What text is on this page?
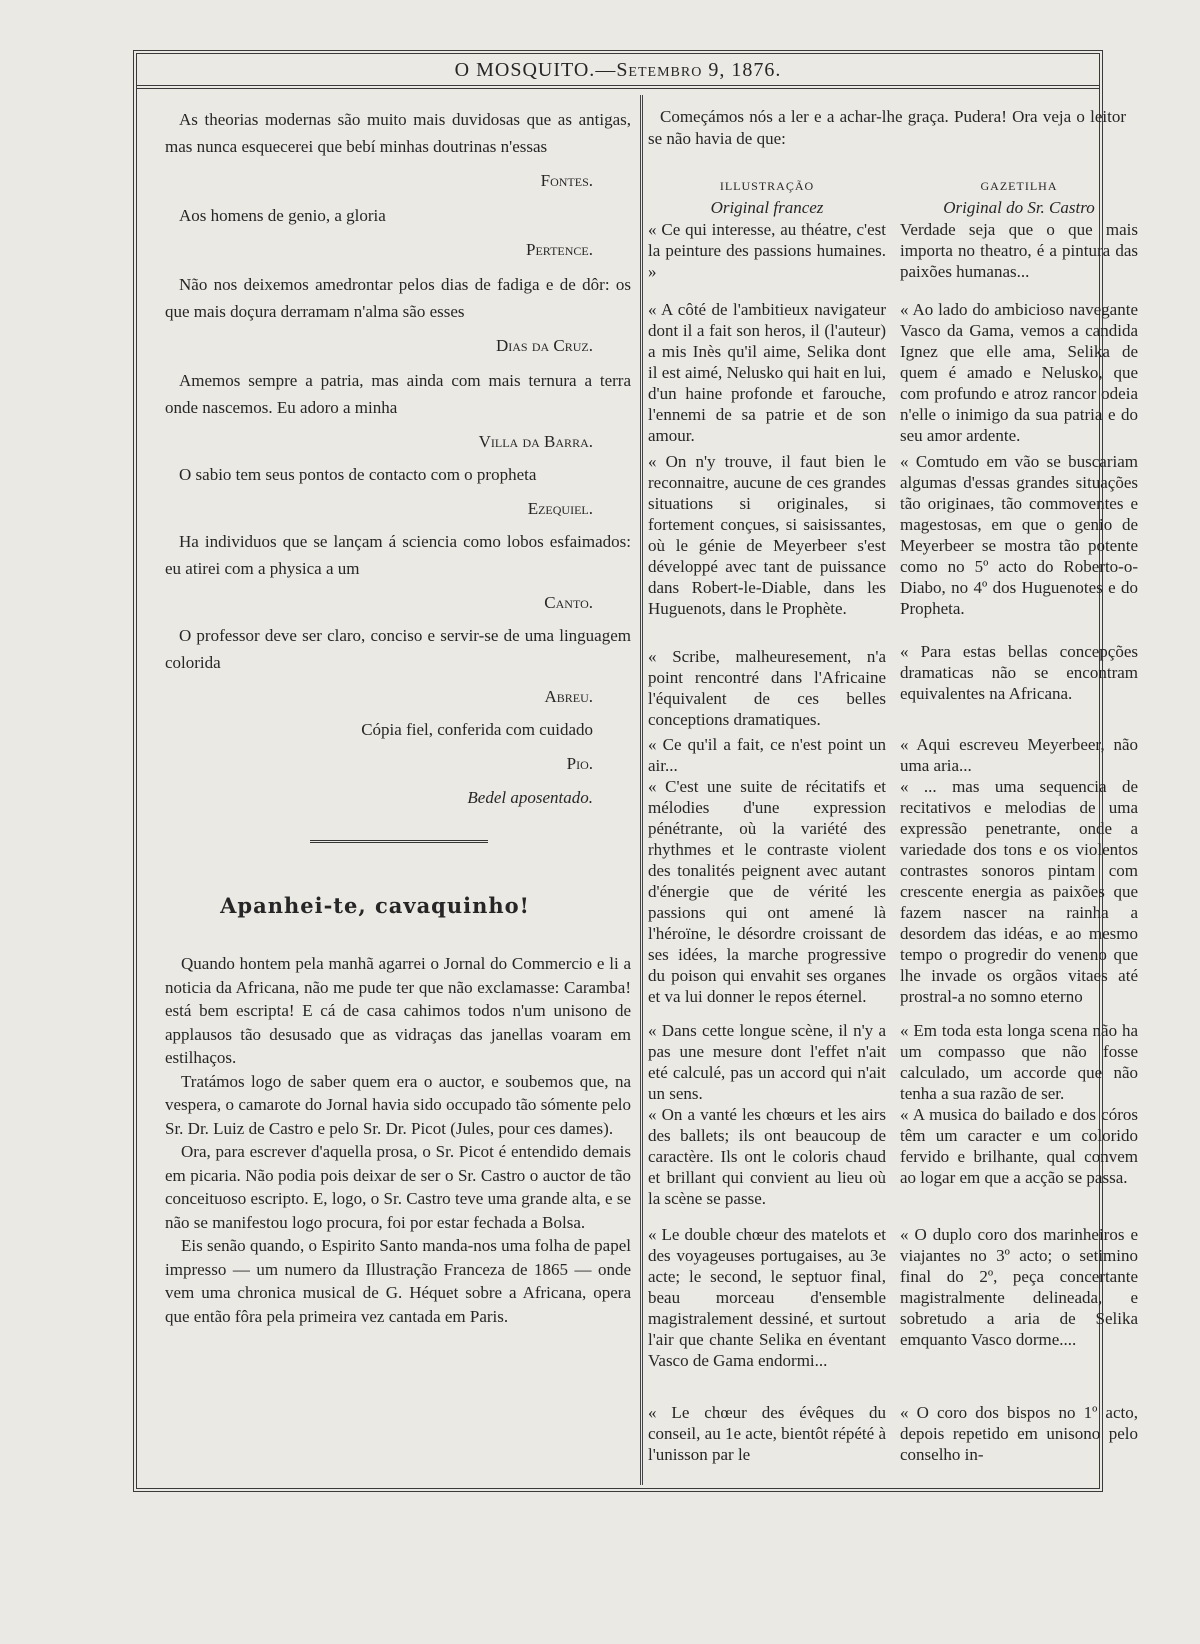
O MOSQUITO.—Setembro 9, 1876.

As theorias modernas são muito mais duvidosas que as antigas, mas nunca esquecerei que bebí minhas doutrinas n'essas

Fontes.

Aos homens de genio, a gloria

Pertence.

Não nos deixemos amedrontar pelos dias de fadiga e de dôr: os que mais doçura derramam n'alma são esses

Dias da Cruz.

Amemos sempre a patria, mas ainda com mais ternura a terra onde nascemos. Eu adoro a minha

Villa da Barra.

O sabio tem seus pontos de contacto com o propheta

Ezequiel.

Ha individuos que se lançam á sciencia como lobos esfaimados: eu atirei com a physica a um

Canto.

O professor deve ser claro, conciso e servir-se de uma linguagem colorida

Abreu.

Cópia fiel, conferida com cuidado

Pio.

Bedel aposentado.

Apanhei-te, cavaquinho!

Quando hontem pela manhã agarrei o Jornal do Commercio e li a noticia da Africana, não me pude ter que não exclamasse: Caramba! está bem escripta! E cá de casa cahimos todos n'um unisono de applausos tão desusado que as vidraças das janellas voaram em estilhaços.

Tratámos logo de saber quem era o auctor, e soubemos que, na vespera, o camarote do Jornal havia sido occupado tão sómente pelo Sr. Dr. Luiz de Castro e pelo Sr. Dr. Picot (Jules, pour ces dames).

Ora, para escrever d'aquella prosa, o Sr. Picot é entendido demais em picaria. Não podia pois deixar de ser o Sr. Castro o auctor de tão conceituoso escripto. E, logo, o Sr. Castro teve uma grande alta, e se não se manifestou logo procura, foi por estar fechada a Bolsa.

Eis senão quando, o Espirito Santo manda-nos uma folha de papel impresso — um numero da Illustração Franceza de 1865 — onde vem uma chronica musical de G. Héquet sobre a Africana, opera que então fôra pela primeira vez cantada em Paris.

Começámos nós a ler e a achar-lhe graça. Pudera! Ora veja o leitor se não havia de que:

ILLUSTRAÇÃO
Original francez
GAZETILHA
Original do Sr. Castro

« Ce qui interesse, au théatre, c'est la peinture des passions humaines. »

Verdade seja que o que mais importa no theatro, é a pintura das paixões humanas...

« A côté de l'ambitieux navigateur dont il a fait son heros, il (l'auteur) a mis Inès qu'il aime, Selika dont il est aimé, Nelusko qui hait en lui, d'un haine profonde et farouche, l'ennemi de sa patrie et de son amour.

« Ao lado do ambicioso navegante Vasco da Gama, vemos a candida Ignez que elle ama, Selika de quem é amado e Nelusko, que com profundo e atroz rancor odeia n'elle o inimigo da sua patria e do seu amor ardente.

« On n'y trouve, il faut bien le reconnaitre, aucune de ces grandes situations si originales, si fortement conçues, si saisissantes, où le génie de Meyerbeer s'est développé avec tant de puissance dans Robert-le-Diable, dans les Huguenots, dans le Prophète.

« Comtudo em vão se buscariam algumas d'essas grandes situações tão originaes, tão commoventes e magestosas, em que o genio de Meyerbeer se mostra tão potente como no 5º acto do Roberto-o-Diabo, no 4º dos Huguenotes e do Propheta.

« Scribe, malheuresement, n'a point rencontré dans l'Africaine l'équivalent de ces belles conceptions dramatiques.

« Para estas bellas concepções dramaticas não se encontram equivalentes na Africana.

« Ce qu'il a fait, ce n'est point un air...

« Aqui escreveu Meyerbeer, não uma aria...

« C'est une suite de récitatifs et mélodies d'une expression pénétrante, où la variété des rhythmes et le contraste violent des tonalités peignent avec autant d'énergie que de vérité les passions qui ont amené là l'héroïne, le désordre croissant de ses idées, la marche progressive du poison qui envahit ses organes et va lui donner le repos éternel.

« ... mas uma sequencia de recitativos e melodias de uma expressão penetrante, onde a variedade dos tons e os violentos contrastes sonoros pintam com crescente energia as paixões que fazem nascer na rainha a desordem das idéas, e ao mesmo tempo o progredir do veneno que lhe invade os orgãos vitaes até prostral-a no somno eterno

« Dans cette longue scène, il n'y a pas une mesure dont l'effet n'ait eté calculé, pas un accord qui n'ait un sens.

« Em toda esta longa scena não ha um compasso que não fosse calculado, um accorde que não tenha a sua razão de ser.

« On a vanté les chœurs et les airs des ballets; ils ont beaucoup de caractère. Ils ont le coloris chaud et brillant qui convient au lieu où la scène se passe.

« A musica do bailado e dos córos têm um caracter e um colorido fervido e brilhante, qual convem ao logar em que a acção se passa.

« Le double chœur des matelots et des voyageuses portugaises, au 3e acte; le second, le septuor final, beau morceau d'ensemble magistralement dessiné, et surtout l'air que chante Selika en éventant Vasco de Gama endormi...

« O duplo coro dos marinheiros e viajantes no 3º acto; o setimino final do 2º, peça concertante magistralmente delineada, e sobretudo a aria de Selika emquanto Vasco dorme....

« Le chœur des évêques du conseil, au 1e acte, bientôt répété à l'unisson par le

« O coro dos bispos no 1º acto, depois repetido em unisono pelo conselho in-
